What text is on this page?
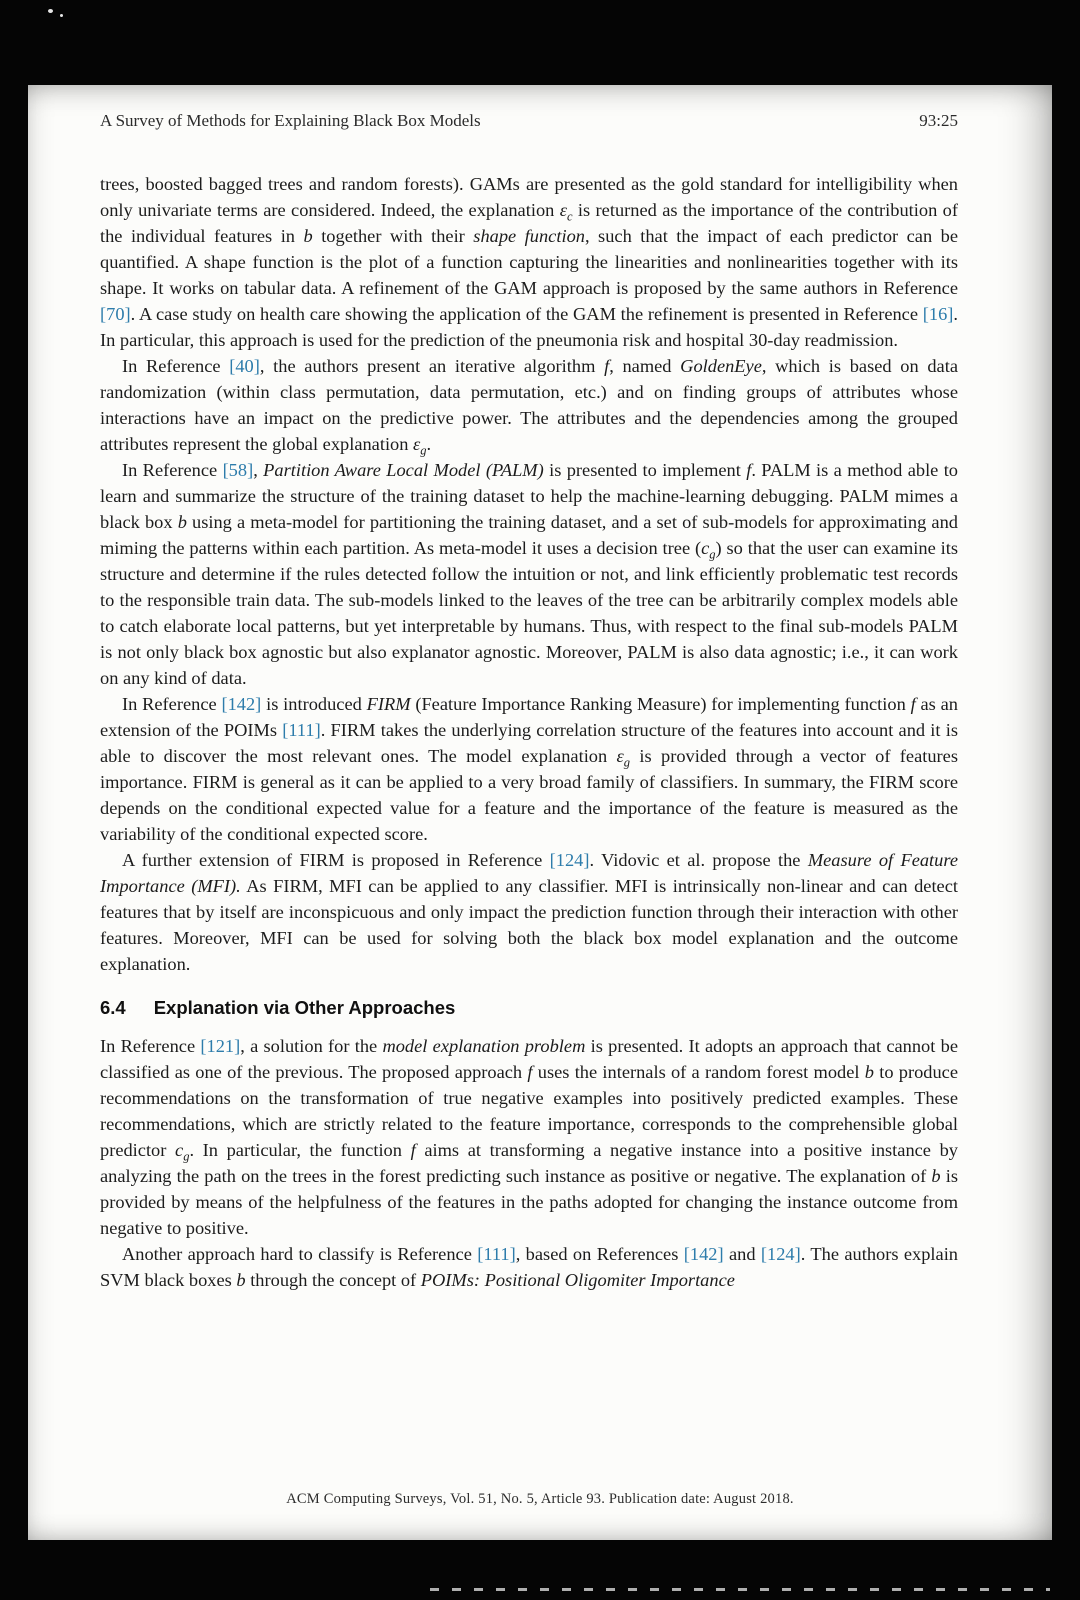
A Survey of Methods for Explaining Black Box Models	93:25

trees, boosted bagged trees and random forests). GAMs are presented as the gold standard for intelligibility when only univariate terms are considered. Indeed, the explanation $\varepsilon_c$ is returned as the importance of the contribution of the individual features in b together with their shape function, such that the impact of each predictor can be quantified. A shape function is the plot of a function capturing the linearities and nonlinearities together with its shape. It works on tabular data. A refinement of the GAM approach is proposed by the same authors in Reference [70]. A case study on health care showing the application of the GAM the refinement is presented in Reference [16]. In particular, this approach is used for the prediction of the pneumonia risk and hospital 30-day readmission.

In Reference [40], the authors present an iterative algorithm f, named GoldenEye, which is based on data randomization (within class permutation, data permutation, etc.) and on finding groups of attributes whose interactions have an impact on the predictive power. The attributes and the dependencies among the grouped attributes represent the global explanation $\varepsilon_g$.

In Reference [58], Partition Aware Local Model (PALM) is presented to implement f. PALM is a method able to learn and summarize the structure of the training dataset to help the machine-learning debugging. PALM mimes a black box b using a meta-model for partitioning the training dataset, and a set of sub-models for approximating and miming the patterns within each partition. As meta-model it uses a decision tree $(c_g)$ so that the user can examine its structure and determine if the rules detected follow the intuition or not, and link efficiently problematic test records to the responsible train data. The sub-models linked to the leaves of the tree can be arbitrarily complex models able to catch elaborate local patterns, but yet interpretable by humans. Thus, with respect to the final sub-models PALM is not only black box agnostic but also explanator agnostic. Moreover, PALM is also data agnostic; i.e., it can work on any kind of data.

In Reference [142] is introduced FIRM (Feature Importance Ranking Measure) for implementing function f as an extension of the POIMs [111]. FIRM takes the underlying correlation structure of the features into account and it is able to discover the most relevant ones. The model explanation $\varepsilon_g$ is provided through a vector of features importance. FIRM is general as it can be applied to a very broad family of classifiers. In summary, the FIRM score depends on the conditional expected value for a feature and the importance of the feature is measured as the variability of the conditional expected score.

A further extension of FIRM is proposed in Reference [124]. Vidovic et al. propose the Measure of Feature Importance (MFI). As FIRM, MFI can be applied to any classifier. MFI is intrinsically non-linear and can detect features that by itself are inconspicuous and only impact the prediction function through their interaction with other features. Moreover, MFI can be used for solving both the black box model explanation and the outcome explanation.

6.4 Explanation via Other Approaches

In Reference [121], a solution for the model explanation problem is presented. It adopts an approach that cannot be classified as one of the previous. The proposed approach f uses the internals of a random forest model b to produce recommendations on the transformation of true negative examples into positively predicted examples. These recommendations, which are strictly related to the feature importance, corresponds to the comprehensible global predictor $c_g$. In particular, the function f aims at transforming a negative instance into a positive instance by analyzing the path on the trees in the forest predicting such instance as positive or negative. The explanation of b is provided by means of the helpfulness of the features in the paths adopted for changing the instance outcome from negative to positive.

Another approach hard to classify is Reference [111], based on References [142] and [124]. The authors explain SVM black boxes b through the concept of POIMs: Positional Oligomiter Importance

ACM Computing Surveys, Vol. 51, No. 5, Article 93. Publication date: August 2018.
